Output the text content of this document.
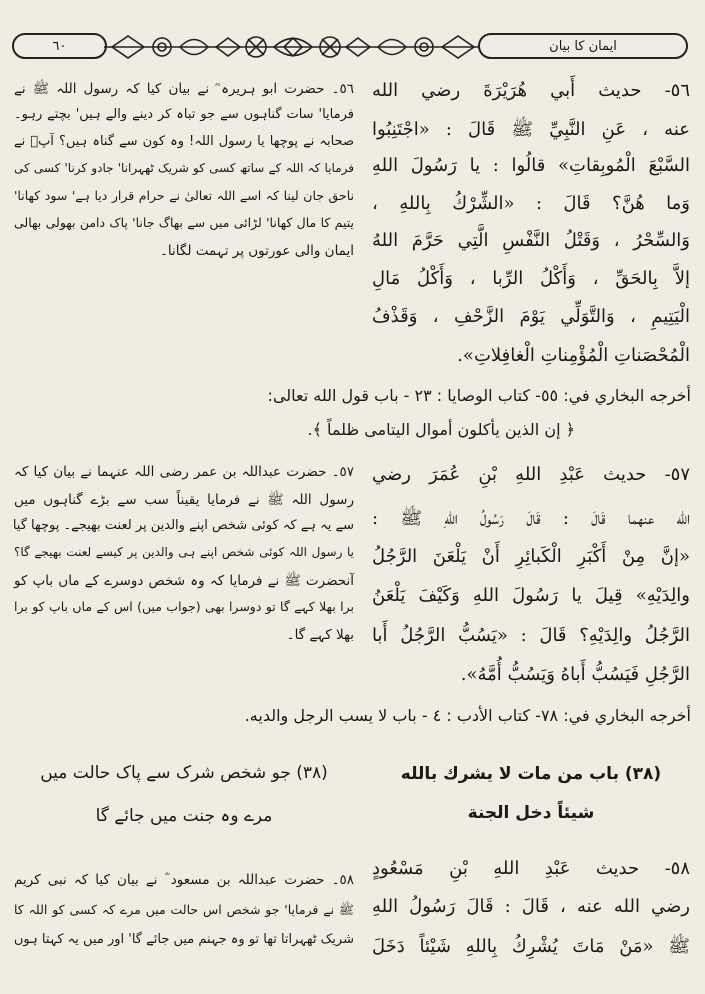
٦٠	ایمان کا بیان
٥٦- حديث أَبي هُرَيْرَةَ رضي الله
عنه ، عَنِ النَّبِيِّ ﷺ قَالَ : «اجْتَنِبُوا
السَّبْعَ الْمُوبِقاتِ» قالُوا : يا رَسُولَ اللهِ
وَما هُنَّ؟ قَالَ : «الشِّرْكُ بِاللهِ ،
وَالسِّحْرُ ، وَقَتْلُ النَّفْسِ الَّتِي حَرَّمَ اللهُ
إلاَّ بِالحَقِّ ، وَأَكْلُ الرِّبا ، وَأَكْلُ مَالِ
الْيَتِيمِ ، وَالتَّوَلِّي يَوْمَ الزَّحْفِ ، وَقَذْفُ
الْمُحْصَناتِ الْمُؤْمِناتِ الْغافِلاتِ».
٥٦۔ حضرت ابو ہریرہ ؓ نے بیان کیا کہ رسول اللہ ﷺ نے
فرمایا' سات گناہوں سے جو تباہ کر دینے والے ہیں' بچتے رہو۔
صحابہ نے پوچھا یا رسول اللہ! وہ کون سے گناہ ہیں؟ آپؐ نے
فرمایا کہ اللہ کے ساتھ کسی کو شریک ٹھہرانا' جادو کرنا' کسی کی
ناحق جان لینا کہ اسے اللہ تعالیٰ نے حرام قرار دیا ہے' سود کھانا'
یتیم کا مال کھانا' لڑائی میں سے بھاگ جانا' پاک دامن بھولی بھالی
ایمان والی عورتوں پر تہمت لگانا۔
أخرجه البخاري في: ٥٥- كتاب الوصايا : ٢٣ - باب قول الله تعالى:
﴿ إن الذين يأكلون أموال اليتامى ظلماً ﴾.
٥٧- حديث عَبْدِ اللهِ بْنِ عُمَرَ رضي
الله عنهما قَالَ : قَالَ رَسُولُ اللهِ ﷺ :
«إنَّ مِنْ أَكْبَرِ الْكَبائِرِ أَنْ يَلْعَنَ الرَّجُلُ
والِدَيْهِ» قِيلَ يا رَسُولَ اللهِ وَكَيْفَ يَلْعَنُ
الرَّجُلُ والِدَيْهِ؟ قَالَ : «يَسُبُّ الرَّجُلُ أَبا
الرَّجُلِ فَيَسُبُّ أَباهُ وَيَسُبُّ أُمَّهُ».
٥٧۔ حضرت عبداللہ بن عمر رضی اللہ عنہما نے بیان کیا کہ
رسول اللہ ﷺ نے فرمایا یقیناً سب سے بڑے گناہوں میں
سے یہ ہے کہ کوئی شخص اپنے والدین پر لعنت بھیجے۔ پوچھا گیا
یا رسول اللہ کوئی شخص اپنے ہی والدین پر کیسے لعنت بھیجے گا؟
آنحضرت ﷺ نے فرمایا کہ وہ شخص دوسرے کے ماں باپ کو
برا بھلا کہے گا تو دوسرا بھی (جواب میں) اس کے ماں باپ کو برا
بھلا کہے گا۔
أخرجه البخاري في: ٧٨- كتاب الأدب : ٤ - باب لا يسب الرجل والديه.
(٣٨) باب من مات لا يشرك بالله
شيئاً دخل الجنة
(٣٨) جو شخص شرک سے پاک حالت میں
مرے وہ جنت میں جائے گا
٥٨- حديث عَبْدِ اللهِ بْنِ مَسْعُودٍ
رضي الله عنه ، قَالَ : قَالَ رَسُولُ اللهِ
ﷺ «مَنْ مَاتَ يُشْرِكُ بِاللهِ شَيْئاً دَخَلَ
٥٨۔ حضرت عبداللہ بن مسعود ؓ نے بیان کیا کہ نبی کریم
ﷺ نے فرمایا' جو شخص اس حالت میں مرے کہ کسی کو اللہ کا
شریک ٹھہراتا تھا تو وہ جہنم میں جائے گا' اور میں یہ کہتا ہوں
